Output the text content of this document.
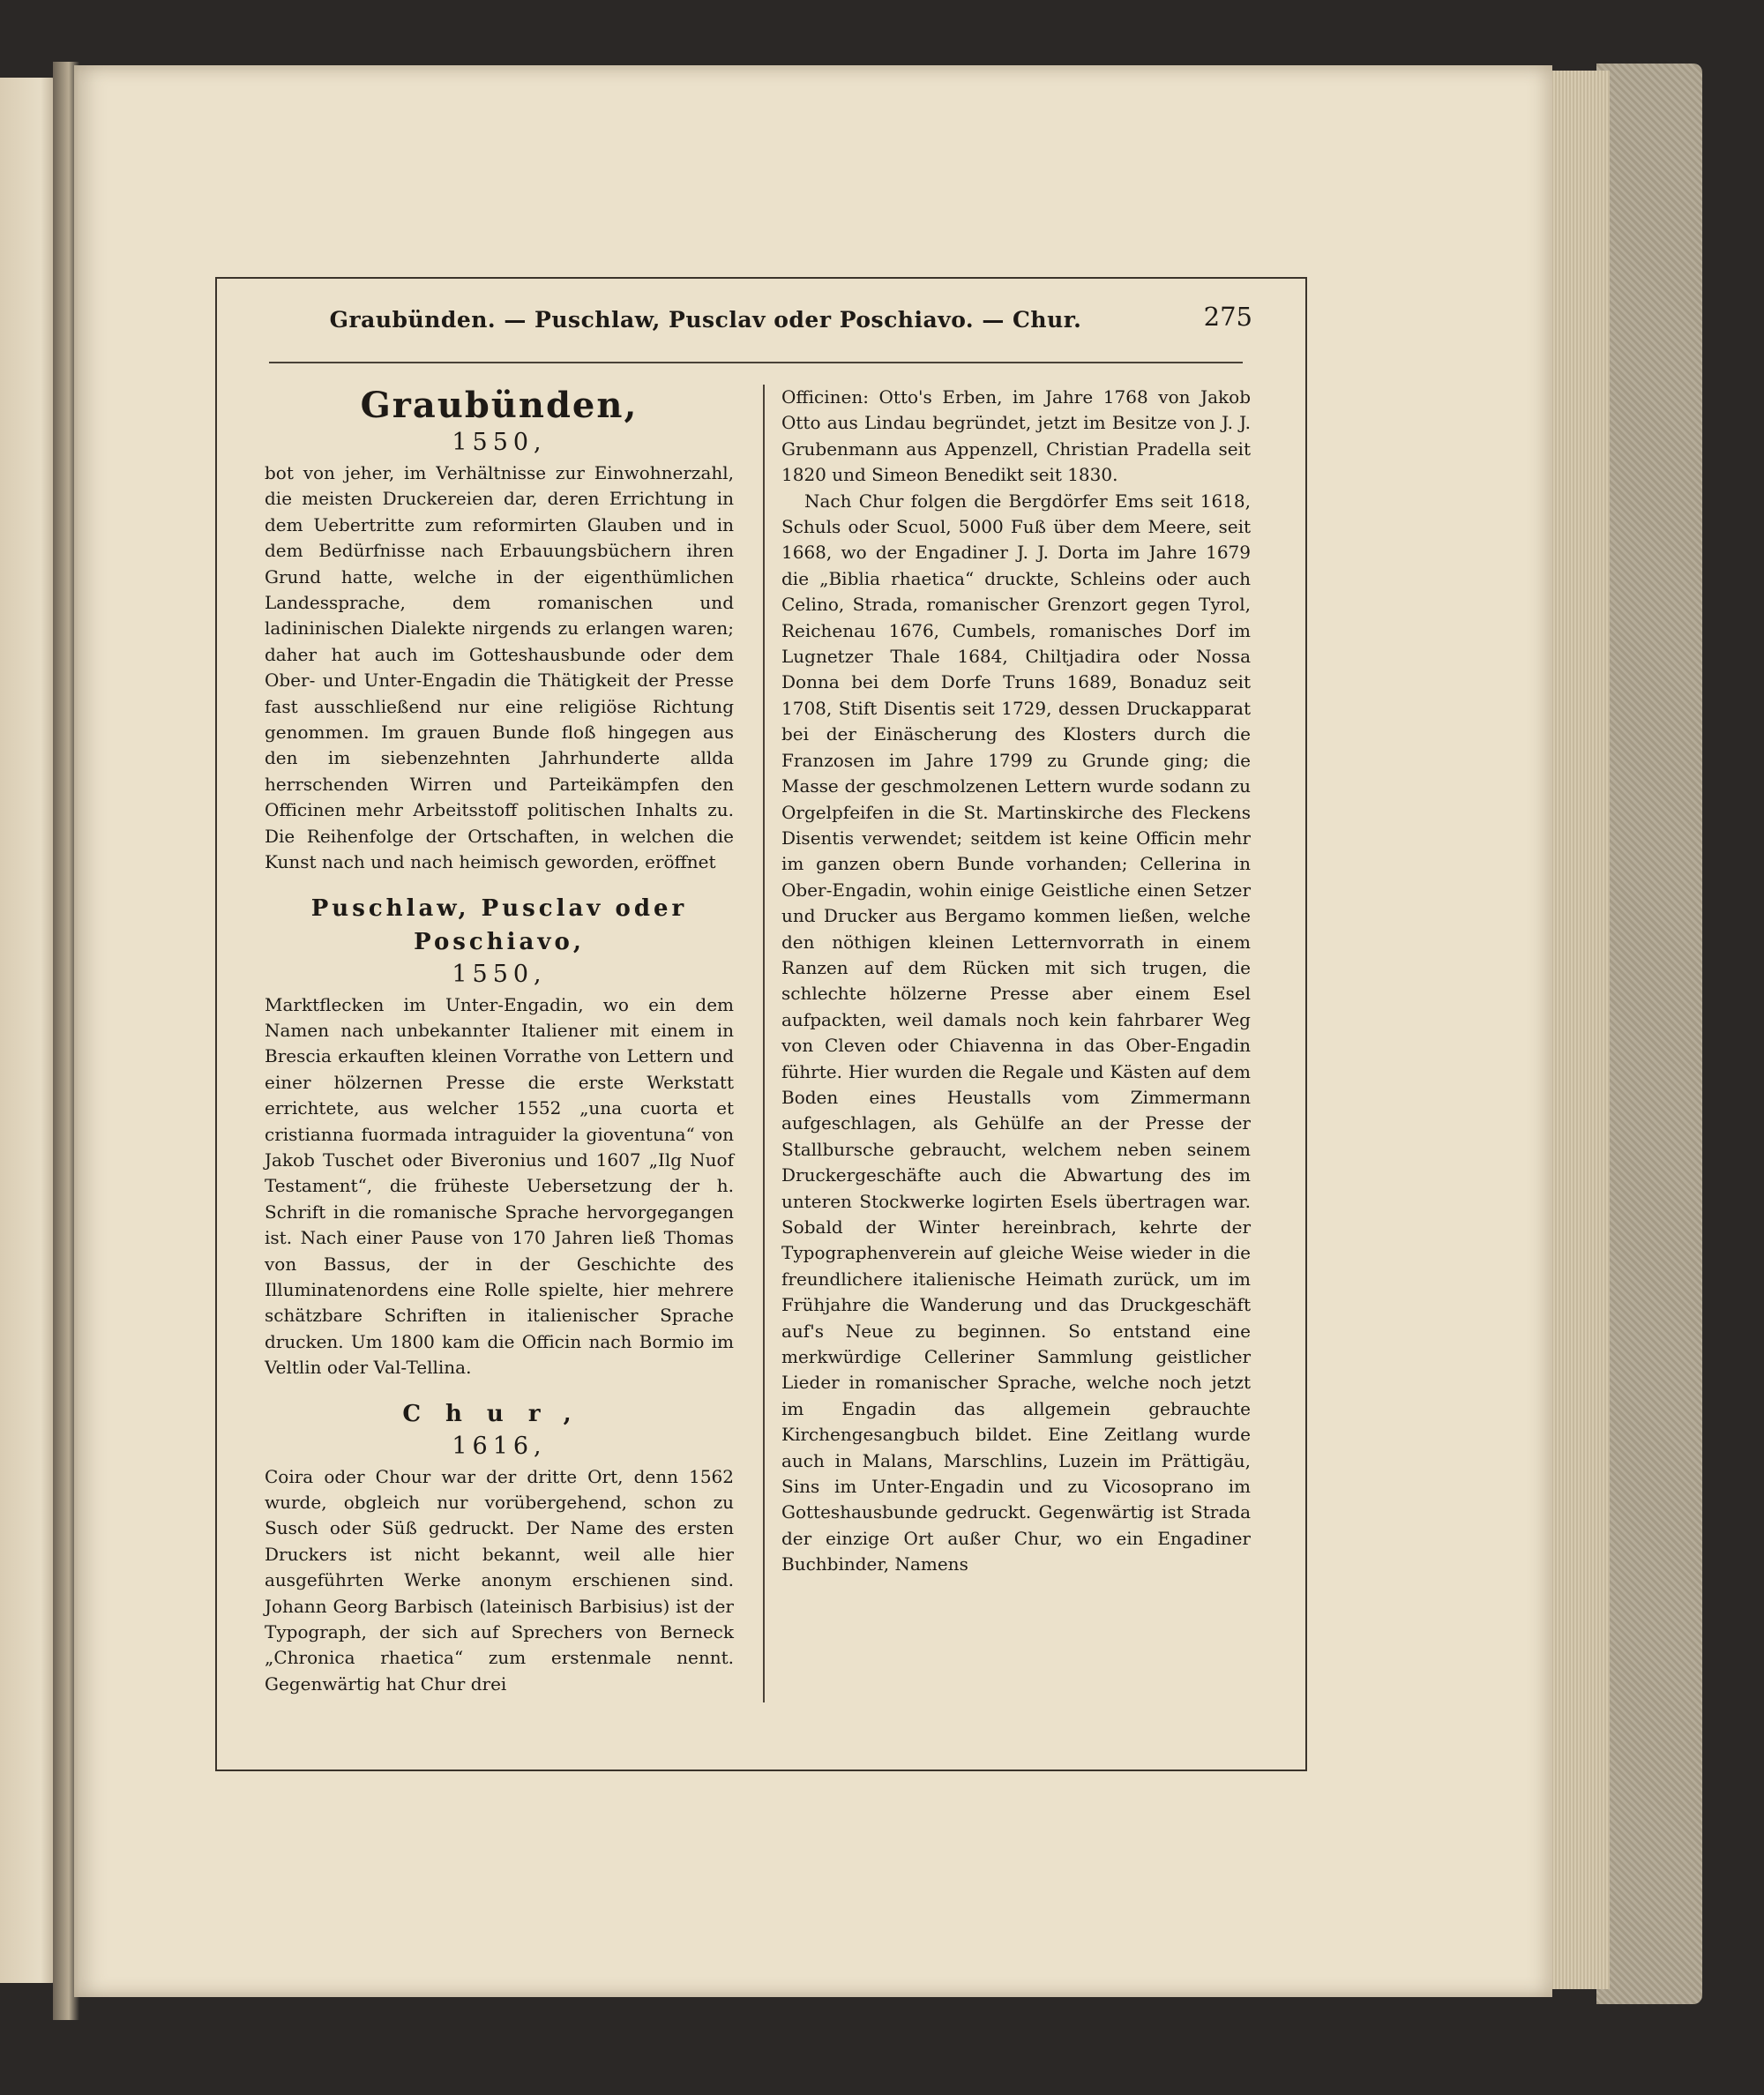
Graubünden. — Puschlaw, Pusclav oder Poschiavo. — Chur.	275
Graubünden,
1550,

bot von jeher, im Verhältnisse zur Einwohnerzahl, die meisten Druckereien dar, deren Errichtung in dem Uebertritte zum reformirten Glauben und in dem Bedürfnisse nach Erbauungsbüchern ihren Grund hatte, welche in der eigenthümlichen Landessprache, dem romanischen und ladininischen Dialekte nirgends zu erlangen waren; daher hat auch im Gotteshausbunde oder dem Ober- und Unter-Engadin die Thätigkeit der Presse fast ausschließend nur eine religiöse Richtung genommen. Im grauen Bunde floß hingegen aus den im siebenzehnten Jahrhunderte allda herrschenden Wirren und Parteikämpfen den Officinen mehr Arbeitsstoff politischen Inhalts zu. Die Reihenfolge der Ortschaften, in welchen die Kunst nach und nach heimisch geworden, eröffnet

Puschlaw, Pusclav oder Poschiavo,
1550,

Marktflecken im Unter-Engadin, wo ein dem Namen nach unbekannter Italiener mit einem in Brescia erkauften kleinen Vorrathe von Lettern und einer hölzernen Presse die erste Werkstatt errichtete, aus welcher 1552 „una cuorta et cristianna fuormada intraguider la gioventuna“ von Jakob Tuschet oder Biveronius und 1607 „Ilg Nuof Testament“, die früheste Uebersetzung der h. Schrift in die romanische Sprache hervorgegangen ist. Nach einer Pause von 170 Jahren ließ Thomas von Bassus, der in der Geschichte des Illuminatenordens eine Rolle spielte, hier mehrere schätzbare Schriften in italienischer Sprache drucken. Um 1800 kam die Officin nach Bormio im Veltlin oder Val-Tellina.

Chur,
1616,

Coira oder Chour war der dritte Ort, denn 1562 wurde, obgleich nur vorübergehend, schon zu Susch oder Süß gedruckt. Der Name des ersten Druckers ist nicht bekannt, weil alle hier ausgeführten Werke anonym erschienen sind. Johann Georg Barbisch (lateinisch Barbisius) ist der Typograph, der sich auf Sprechers von Berneck „Chronica rhaetica“ zum erstenmale nennt. Gegenwärtig hat Chur drei

Officinen: Otto's Erben, im Jahre 1768 von Jakob Otto aus Lindau begründet, jetzt im Besitze von J. J. Grubenmann aus Appenzell, Christian Pradella seit 1820 und Simeon Benedikt seit 1830.

Nach Chur folgen die Bergdörfer Ems seit 1618, Schuls oder Scuol, 5000 Fuß über dem Meere, seit 1668, wo der Engadiner J. J. Dorta im Jahre 1679 die „Biblia rhaetica“ druckte, Schleins oder auch Celino, Strada, romanischer Grenzort gegen Tyrol, Reichenau 1676, Cumbels, romanisches Dorf im Lugnetzer Thale 1684, Chiltjadira oder Nossa Donna bei dem Dorfe Truns 1689, Bonaduz seit 1708, Stift Disentis seit 1729, dessen Druckapparat bei der Einäscherung des Klosters durch die Franzosen im Jahre 1799 zu Grunde ging; die Masse der geschmolzenen Lettern wurde sodann zu Orgelpfeifen in die St. Martinskirche des Fleckens Disentis verwendet; seitdem ist keine Officin mehr im ganzen obern Bunde vorhanden; Cellerina in Ober-Engadin, wohin einige Geistliche einen Setzer und Drucker aus Bergamo kommen ließen, welche den nöthigen kleinen Letternvorrath in einem Ranzen auf dem Rücken mit sich trugen, die schlechte hölzerne Presse aber einem Esel aufpackten, weil damals noch kein fahrbarer Weg von Cleven oder Chiavenna in das Ober-Engadin führte. Hier wurden die Regale und Kästen auf dem Boden eines Heustalls vom Zimmermann aufgeschlagen, als Gehülfe an der Presse der Stallbursche gebraucht, welchem neben seinem Druckergeschäfte auch die Abwartung des im unteren Stockwerke logirten Esels übertragen war. Sobald der Winter hereinbrach, kehrte der Typographenverein auf gleiche Weise wieder in die freundlichere italienische Heimath zurück, um im Frühjahre die Wanderung und das Druckgeschäft auf's Neue zu beginnen. So entstand eine merkwürdige Celleriner Sammlung geistlicher Lieder in romanischer Sprache, welche noch jetzt im Engadin das allgemein gebrauchte Kirchengesangbuch bildet. Eine Zeitlang wurde auch in Malans, Marschlins, Luzein im Prättigäu, Sins im Unter-Engadin und zu Vicosoprano im Gotteshausbunde gedruckt. Gegenwärtig ist Strada der einzige Ort außer Chur, wo ein Engadiner Buchbinder, Namens
